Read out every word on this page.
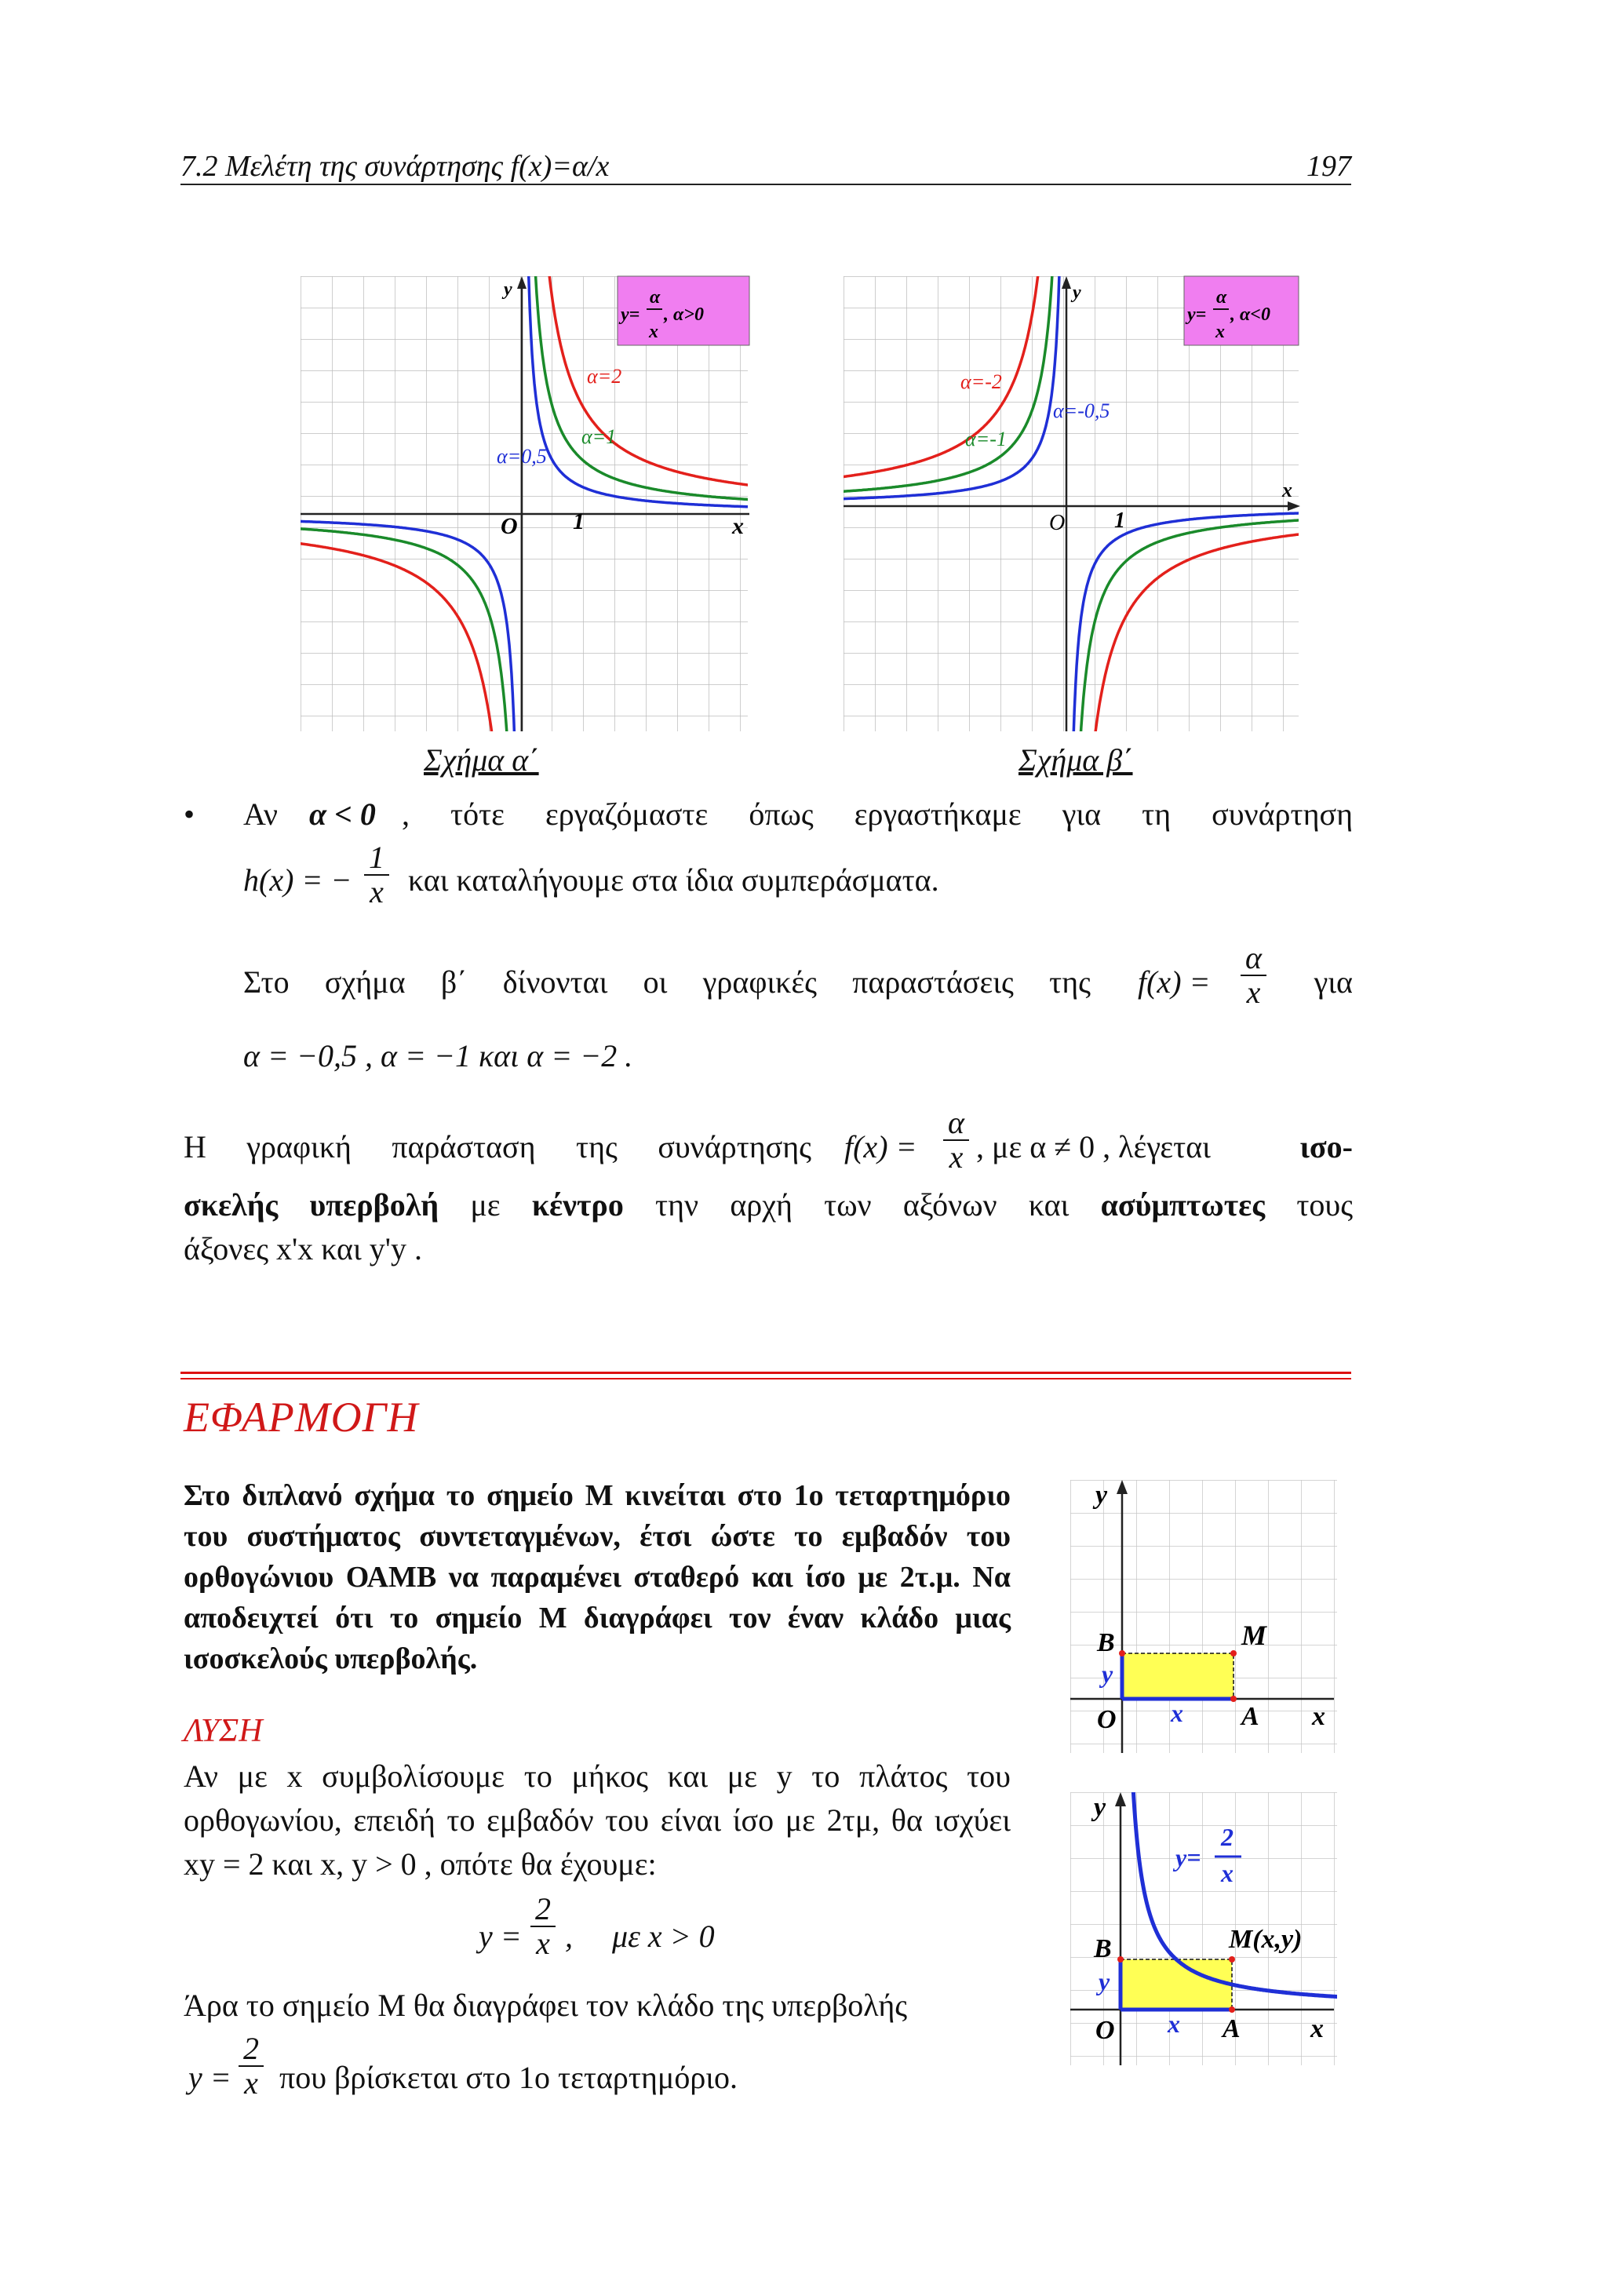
7.2 Μελέτη της συνάρτησης f(x)=α/x	197
y=
α
x
, α>0
y
x
O 1
α=2
α=1
α=0,5
Σχήμα α΄
y=
α
x
, α<0
y
x
O 1
α=-2
α=-1
α=-0,5
Σχήμα β΄
• Αν α < 0 , τότε εργαζόμαστε όπως εργαστήκαμε για τη συνάρτηση
h(x) = − $\frac{1}{x}$ και καταλήγουμε στα ίδια συμπεράσματα.
Στο σχήμα β΄ δίνονται οι γραφικές παραστάσεις της $f(x) = \frac{\alpha}{x}$ για
α = −0,5 , α = −1 και α = −2 .
Η γραφική παράσταση της συνάρτησης $f(x) = \frac{\alpha}{x}$ , με α ≠ 0 , λέγεται	ισο-
σκελής υπερβολή με κέντρο την αρχή των αξόνων και ασύμπτωτες τους
άξονες x'x και y'y .
ΕΦΑΡΜΟΓΗ
Στο διπλανό σχήμα το σημείο Μ κινείται στο 1ο τεταρτημόριο του συστήματος συντεταγμένων, έτσι ώστε το εμβαδόν του ορθογώνιου ΟΑΜΒ να παραμένει σταθερό και ίσο με 2τ.μ. Να αποδειχτεί ότι το σημείο Μ διαγράφει τον έναν κλάδο μιας ισοσκελούς υπερβολής.
ΛΥΣΗ
Αν με x συμβολίσουμε το μήκος και με y το πλάτος του ορθογωνίου, επειδή το εμβαδόν του είναι ίσο με 2τμ, θα ισχύει xy = 2 και x, y > 0 , οπότε θα έχουμε:
$y = \frac{2}{x}$ ,     με x > 0
Άρα το σημείο Μ θα διαγράφει τον κλάδο της υπερβολής
$y = \frac{2}{x}$ που βρίσκεται στο 1ο τεταρτημόριο.
y
x
O
B	M
A
y
x
y
x
O
B	M(x,y)
A
y
x
y=
2
x
